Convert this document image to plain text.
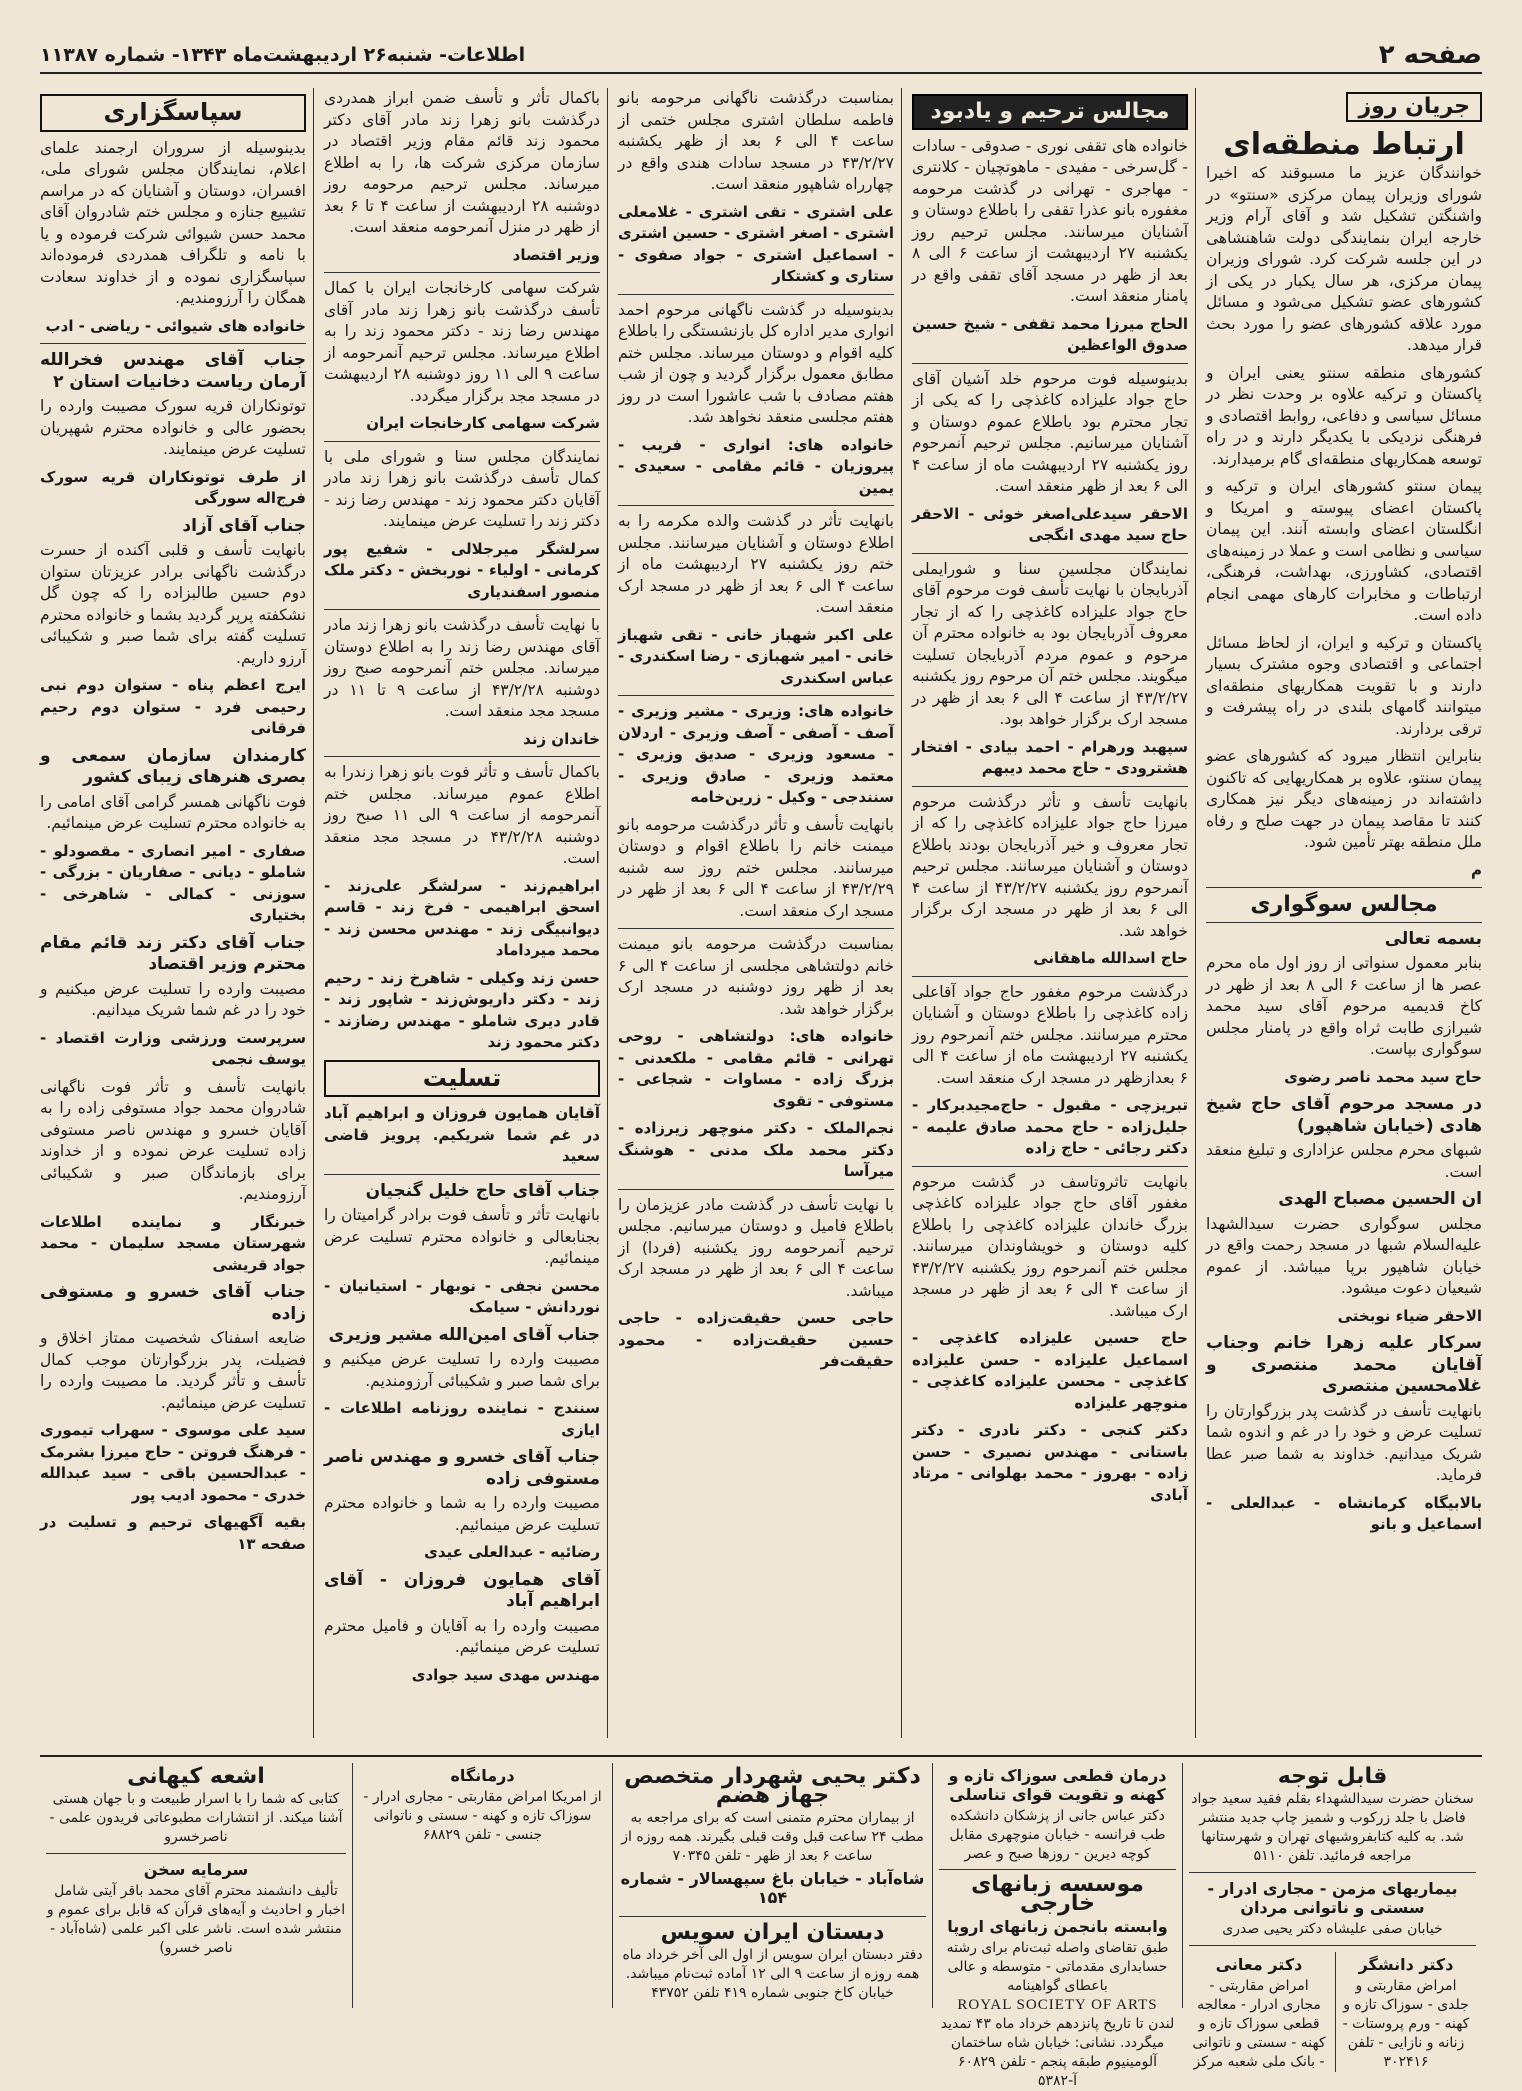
صفحه ۲
اطلاعات- شنبه۲۶ اردیبهشت‌ماه ۱۳۴۳- شماره ۱۱۳۸۷
جریان روز
ارتباط منطقه‌ای

خوانندگان عزیز ما مسبوقند که اخیرا شورای وزیران پیمان مرکزی «سنتو» در واشنگتن تشکیل شد و آقای آرام وزیر خارجه ایران بنمایندگی دولت شاهنشاهی در این جلسه شرکت کرد. شورای وزیران پیمان مرکزی، هر سال یکبار در یکی از کشورهای عضو تشکیل می‌شود و مسائل مورد علاقه کشورهای عضو را مورد بحث قرار میدهد.

کشورهای منطقه سنتو یعنی ایران و پاکستان و ترکیه علاوه بر وحدت نظر در مسائل سیاسی و دفاعی، روابط اقتصادی و فرهنگی نزدیکی با یکدیگر دارند و در راه توسعه همکاریهای منطقه‌ای گام برمیدارند.

پیمان سنتو کشورهای ایران و ترکیه و پاکستان اعضای پیوسته و امریکا و انگلستان اعضای وابسته آنند. این پیمان سیاسی و نظامی است و عملا در زمینه‌های اقتصادی، کشاورزی، بهداشت، فرهنگی، ارتباطات و مخابرات کارهای مهمی انجام داده است.

پاکستان و ترکیه و ایران، از لحاظ مسائل اجتماعی و اقتصادی وجوه مشترک بسیار دارند و با تقویت همکاریهای منطقه‌ای میتوانند گامهای بلندی در راه پیشرفت و ترقی بردارند.

بنابراین انتظار میرود که کشورهای عضو پیمان سنتو، علاوه بر همکاریهایی که تاکنون داشته‌اند در زمینه‌های دیگر نیز همکاری کنند تا مقاصد پیمان در جهت صلح و رفاه ملل منطقه بهتر تأمین شود.

م

مجالس سوگواری
بسمه تعالی

بنابر معمول سنواتی از روز اول ماه محرم عصر ها از ساعت ۶ الی ۸ بعد از ظهر در کاخ قدیمیه مرحوم آقای سید محمد شیرازی طابت ثراه واقع در پامنار مجلس سوگواری بپاست.

حاج سید محمد ناصر رضوی

در مسجد مرحوم آقای حاج شیخ هادی (خیابان شاهپور)

شبهای محرم مجلس عزاداری و تبلیغ منعقد است.

ان الحسین مصباح الهدی

مجلس سوگواری حضرت سیدالشهدا علیه‌السلام شبها در مسجد رحمت واقع در خیابان شاهپور برپا میباشد. از عموم شیعیان دعوت میشود.

الاحقر ضیاء نوبختی

سرکار علیه زهرا خانم وجناب آقایان محمد منتصری و غلامحسین منتصری

بانهایت تأسف در گذشت پدر بزرگوارتان را تسلیت عرض و خود را در غم و اندوه شما شریک میدانیم. خداوند به شما صبر عطا فرماید.

بالابیگاه کرمانشاه - عبدالعلی - اسماعیل و بانو

مجالس ترحیم و یادبود

خانواده های تقفی نوری - صدوقی - سادات - گل‌سرخی - مفیدی - ماهوتچیان - کلانتری - مهاجری - تهرانی در گذشت مرحومه مغفوره بانو عذرا تقفی را باطلاع دوستان و آشنایان میرسانند. مجلس ترحیم روز یکشنبه ۲۷ اردیبهشت از ساعت ۶ الی ۸ بعد از ظهر در مسجد آقای تقفی واقع در پامنار منعقد است.

الحاج میرزا محمد تقفی - شیخ حسین صدوق الواعظین

بدینوسیله فوت مرحوم خلد آشیان آقای حاج جواد علیزاده کاغذچی را که یکی از تجار محترم بود باطلاع عموم دوستان و آشنایان میرسانیم. مجلس ترحیم آنمرحوم روز یکشنبه ۲۷ اردیبهشت ماه از ساعت ۴ الی ۶ بعد از ظهر منعقد است.

الاحقر سیدعلی‌اصغر خوئی - الاحقر حاج سید مهدی انگجی

نمایندگان مجلسین سنا و شورایملی آذربایجان با نهایت تأسف فوت مرحوم آقای حاج جواد علیزاده کاغذچی را که از تجار معروف آذربایجان بود به خانواده محترم آن مرحوم و عموم مردم آذربایجان تسلیت میگویند. مجلس ختم آن مرحوم روز یکشنبه ۴۳/۲/۲۷ از ساعت ۴ الی ۶ بعد از ظهر در مسجد ارک برگزار خواهد بود.

سپهبد ورهرام - احمد بیادی - افتخار هشترودی - حاج محمد دیبهم

بانهایت تأسف و تأثر درگذشت مرحوم میرزا حاج جواد علیزاده کاغذچی را که از تجار معروف و خیر آذربایجان بودند باطلاع دوستان و آشنایان میرسانند. مجلس ترحیم آنمرحوم روز یکشنبه ۴۳/۲/۲۷ از ساعت ۴ الی ۶ بعد از ظهر در مسجد ارک برگزار خواهد شد.

حاج اسدالله ماهقانی

درگذشت مرحوم مغفور حاج جواد آقاعلی زاده کاغذچی را باطلاع دوستان و آشنایان محترم میرسانند. مجلس ختم آنمرحوم روز یکشنبه ۲۷ اردیبهشت ماه از ساعت ۴ الی ۶ بعدازظهر در مسجد ارک منعقد است.

تبریزچی - مقبول - حاج‌مجیدبرکار - جلیل‌زاده - حاج محمد صادق علیمه - دکتر رجائی - حاج زاده

بانهایت تاثروتاسف در گذشت مرحوم مغفور آقای حاج جواد علیزاده کاغذچی بزرگ خاندان علیزاده کاغذچی را باطلاع کلیه دوستان و خویشاوندان میرسانند. مجلس ختم آنمرحوم روز یکشنبه ۴۳/۲/۲۷ از ساعت ۴ الی ۶ بعد از ظهر در مسجد ارک میباشد.

حاج حسین علیزاده کاغذچی - اسماعیل علیزاده - حسن علیزاده کاغذچی - محسن علیزاده کاغذچی - منوچهر علیزاده

دکتر کنجی - دکتر نادری - دکتر باستانی - مهندس نصیری - حسن زاده - بهروز - محمد بهلوانی - مرتاد آبادی

بمناسبت درگذشت ناگهانی مرحومه بانو فاطمه سلطان اشتری مجلس ختمی از ساعت ۴ الی ۶ بعد از ظهر یکشنبه ۴۳/۲/۲۷ در مسجد سادات هندی واقع در چهارراه شاهپور منعقد است.

علی اشتری - تقی اشتری - غلامعلی اشتری - اصغر اشتری - حسین اشتری - اسماعیل اشتری - جواد صفوی - ستاری و کشتکار

بدینوسیله در گذشت ناگهانی مرحوم احمد انواری مدیر اداره کل بازنشستگی را باطلاع کلیه اقوام و دوستان میرساند. مجلس ختم مطابق معمول برگزار گردید و چون از شب هفتم مصادف با شب عاشورا است در روز هفتم مجلسی منعقد نخواهد شد.

خانواده های: انواری - فریب - پیروزیان - قائم مقامی - سعیدی - یمین

بانهایت تأثر در گذشت والده مکرمه را به اطلاع دوستان و آشنایان میرسانند. مجلس ختم روز یکشنبه ۲۷ اردیبهشت ماه از ساعت ۴ الی ۶ بعد از ظهر در مسجد ارک منعقد است.

علی اکبر شهباز خانی - تقی شهباز خانی - امیر شهبازی - رضا اسکندری - عباس اسکندری

خانواده های: وزیری - مشیر وزیری - آصف - آصفی - آصف وزیری - اردلان - مسعود وزیری - صدیق وزیری - معتمد وزیری - صادق وزیری - سنندجی - وکیل - زرین‌خامه

بانهایت تأسف و تأثر درگذشت مرحومه بانو میمنت خانم را باطلاع اقوام و دوستان میرسانند. مجلس ختم روز سه شنبه ۴۳/۲/۲۹ از ساعت ۴ الی ۶ بعد از ظهر در مسجد ارک منعقد است.

بمناسبت درگذشت مرحومه بانو میمنت خانم دولتشاهی مجلسی از ساعت ۴ الی ۶ بعد از ظهر روز دوشنبه در مسجد ارک برگزار خواهد شد.

خانواده های: دولتشاهی - روحی تهرانی - قائم مقامی - ملکعدنی - بزرگ زاده - مساوات - شجاعی - مستوفی - تقوی

نجم‌الملک - دکتر منوچهر زیرزاده - دکتر محمد ملک مدنی - هوشنگ میرآسا

با نهایت تأسف در گذشت مادر عزیزمان را باطلاع فامیل و دوستان میرسانیم. مجلس ترحیم آنمرحومه روز یکشنبه (فردا) از ساعت ۴ الی ۶ بعد از ظهر در مسجد ارک میباشد.

حاجی حسن حقیقت‌زاده - حاجی حسین حقیقت‌زاده - محمود حقیقت‌فر

باکمال تأثر و تأسف ضمن ابراز همدردی درگذشت بانو زهرا زند مادر آقای دکتر محمود زند قائم مقام وزیر اقتصاد در سازمان مرکزی شرکت ها، را به اطلاع میرساند. مجلس ترحیم مرحومه روز دوشنبه ۲۸ اردیبهشت از ساعت ۴ تا ۶ بعد از ظهر در منزل آنمرحومه منعقد است.

وزیر اقتصاد

شرکت سهامی کارخانجات ایران با کمال تأسف درگذشت بانو زهرا زند مادر آقای مهندس رضا زند - دکتر محمود زند را به اطلاع میرساند. مجلس ترحیم آنمرحومه از ساعت ۹ الی ۱۱ روز دوشنبه ۲۸ اردیبهشت در مسجد مجد برگزار میگردد.

شرکت سهامی کارخانجات ایران

نمایندگان مجلس سنا و شورای ملی با کمال تأسف درگذشت بانو زهرا زند مادر آقایان دکتر محمود زند - مهندس رضا زند - دکتر زند را تسلیت عرض مینمایند.

سرلشگر میرجلالی - شفیع پور کرمانی - اولیاء - نوربخش - دکتر ملک منصور اسفندیاری

با نهایت تأسف درگذشت بانو زهرا زند مادر آقای مهندس رضا زند را به اطلاع دوستان میرساند. مجلس ختم آنمرحومه صبح روز دوشنبه ۴۳/۲/۲۸ از ساعت ۹ تا ۱۱ در مسجد مجد منعقد است.

خاندان زند

باکمال تأسف و تأثر فوت بانو زهرا زندرا به اطلاع عموم میرساند. مجلس ختم آنمرحومه از ساعت ۹ الی ۱۱ صبح روز دوشنبه ۴۳/۲/۲۸ در مسجد مجد منعقد است.

ابراهیم‌زند - سرلشگر علی‌زند - اسحق ابراهیمی - فرخ زند - قاسم دیوانبیگی زند - مهندس محسن زند - محمد میرداماد

حسن زند وکیلی - شاهرخ زند - رحیم زند - دکتر داریوش‌زند - شاپور زند - قادر دیری شاملو - مهندس رضازند - دکتر محمود زند

تسلیت

آقایان همایون فروزان و ابراهیم آباد در غم شما شریکیم. پرویز قاضی سعید

جناب آقای حاج خلیل گنجیان

بانهایت تأثر و تأسف فوت برادر گرامیتان را بجنابعالی و خانواده محترم تسلیت عرض مینمائیم.

محسن نجفی - نوبهار - استیانیان - نوردانش - سیامک

جناب آقای امین‌الله مشیر وزیری

مصیبت وارده را تسلیت عرض میکنیم و برای شما صبر و شکیبائی آرزومندیم.

سنندج - نماینده روزنامه اطلاعات - ایازی

جناب آقای خسرو و مهندس ناصر مستوفی زاده

مصیبت وارده را به شما و خانواده محترم تسلیت عرض مینمائیم.

رضائیه - عبدالعلی عیدی

آقای همایون فروزان - آقای ابراهیم آباد

مصیبت وارده را به آقایان و فامیل محترم تسلیت عرض مینمائیم.

مهندس مهدی سید جوادی

سپاسگزاری

بدینوسیله از سروران ارجمند علمای اعلام، نمایندگان مجلس شورای ملی، افسران، دوستان و آشنایان که در مراسم تشییع جنازه و مجلس ختم شادروان آقای محمد حسن شیوائی شرکت فرموده و یا با نامه و تلگراف همدردی فرموده‌اند سپاسگزاری نموده و از خداوند سعادت همگان را آرزومندیم.

خانواده های شیوائی - ریاضی - ادب

جناب آقای مهندس فخرالله آرمان ریاست دخانیات استان ۲

توتونکاران قریه سورک مصیبت وارده را بحضور عالی و خانواده محترم شهپریان تسلیت عرض مینمایند.

از طرف توتونکاران قریه سورک فرج‌اله سورگی

جناب آقای آزاد

بانهایت تأسف و قلبی آکنده از حسرت درگذشت ناگهانی برادر عزیزتان ستوان دوم حسین طالبزاده را که چون گل نشکفته پرپر گردید بشما و خانواده محترم تسلیت گفته برای شما صبر و شکیبائی آرزو داریم.

ایرج اعظم پناه - ستوان دوم نبی رحیمی فرد - ستوان دوم رحیم فرقانی

کارمندان سازمان سمعی و بصری هنرهای زیبای کشور

فوت ناگهانی همسر گرامی آقای امامی را به خانواده محترم تسلیت عرض مینمائیم.

صفاری - امیر انصاری - مقصودلو - شاملو - دیانی - صفاریان - بزرگی - سوزنی - کمالی - شاهرخی - بختیاری

جناب آقای دکتر زند قائم مقام محترم وزیر اقتصاد

مصیبت وارده را تسلیت عرض میکنیم و خود را در غم شما شریک میدانیم.

سرپرست ورزشی وزارت اقتصاد - یوسف نجمی

بانهایت تأسف و تأثر فوت ناگهانی شادروان محمد جواد مستوفی زاده را به آقایان خسرو و مهندس ناصر مستوفی زاده تسلیت عرض نموده و از خداوند برای بازماندگان صبر و شکیبائی آرزومندیم.

خبرنگار و نماینده اطلاعات شهرستان مسجد سلیمان - محمد جواد قریشی

جناب آقای خسرو و مستوفی زاده

ضایعه اسفناک شخصیت ممتاز اخلاق و فضیلت، پدر بزرگوارتان موجب کمال تأسف و تأثر گردید. ما مصیبت وارده را تسلیت عرض مینمائیم.

سید علی موسوی - سهراب تیموری - فرهنگ فروتن - حاج میرزا بشرمک - عبدالحسین باقی - سید عبدالله خدری - محمود ادیب پور

بقیه آگهیهای ترحیم و تسلیت در صفحه ۱۳

قابل توجه
سخنان حضرت سیدالشهداء بقلم فقید سعید جواد فاضل با جلد زرکوب و شمیز چاپ جدید منتشر شد. به کلیه کتابفروشیهای تهران و شهرستانها مراجعه فرمائید. تلفن ۵۱۱۰
بیماریهای مزمن - مجاری ادرار - سستی و ناتوانی مردان
خیابان صفی علیشاه دکتر یحیی صدری
دکتر دانشگر
امراض مقاربتی و جلدی - سوزاک تازه و کهنه - ورم پروستات - زنانه و نازایی - تلفن ۳۰۲۴۱۶
دکتر معانی
امراض مقاربتی - مجاری ادرار - معالجه قطعی سوزاک تازه و کهنه - سستی و ناتوانی - بانک ملی شعبه مرکز
درمان قطعی سوزاک تازه و کهنه و تقویت قوای تناسلی
دکتر عباس جانی از پزشکان دانشکده طب فرانسه - خیابان منوچهری مقابل کوچه دیرین - روزها صبح و عصر
موسسه زبانهای خارجی
وابسته بانجمن زبانهای اروپا
طبق تقاضای واصله ثبت‌نام برای رشته حسابداری مقدماتی - متوسطه و عالی باعطای گواهینامه
ROYAL SOCIETY OF ARTS
لندن تا تاریخ پانزدهم خرداد ماه ۴۳ تمدید میگردد. نشانی: خیابان شاه ساختمان آلومینیوم طبقه پنجم - تلفن ۶۰۸۲۹ آ-۵۳۸۲
دکتر یحیی شهردار متخصص جهاز هضم
از بیماران محترم متمنی است که برای مراجعه به مطب ۲۴ ساعت قبل وقت قبلی بگیرند. همه روزه از ساعت ۶ بعد از ظهر - تلفن ۷۰۳۴۵
شاه‌آباد - خیابان باغ سپهسالار - شماره ۱۵۴
دبستان ایران سویس
دفتر دبستان ایران سویس از اول الی آخر خرداد ماه همه روزه از ساعت ۹ الی ۱۲ آماده ثبت‌نام میباشد. خیابان کاخ جنوبی شماره ۴۱۹ تلفن ۴۳۷۵۲
درمانگاه
از امریکا امراض مقاربتی - مجاری ادرار - سوزاک تازه و کهنه - سستی و ناتوانی جنسی - تلفن ۶۸۸۲۹
اشعه کیهانی
کتابی که شما را با اسرار طبیعت و با جهان هستی آشنا میکند. از انتشارات مطبوعاتی فریدون علمی - ناصرخسرو
سرمایه سخن
تألیف دانشمند محترم آقای محمد باقر آیتی شامل اخبار و احادیث و آیه‌های قرآن که قابل برای عموم و منتشر شده است. ناشر علی اکبر علمی (شاه‌آباد - ناصر خسرو)
